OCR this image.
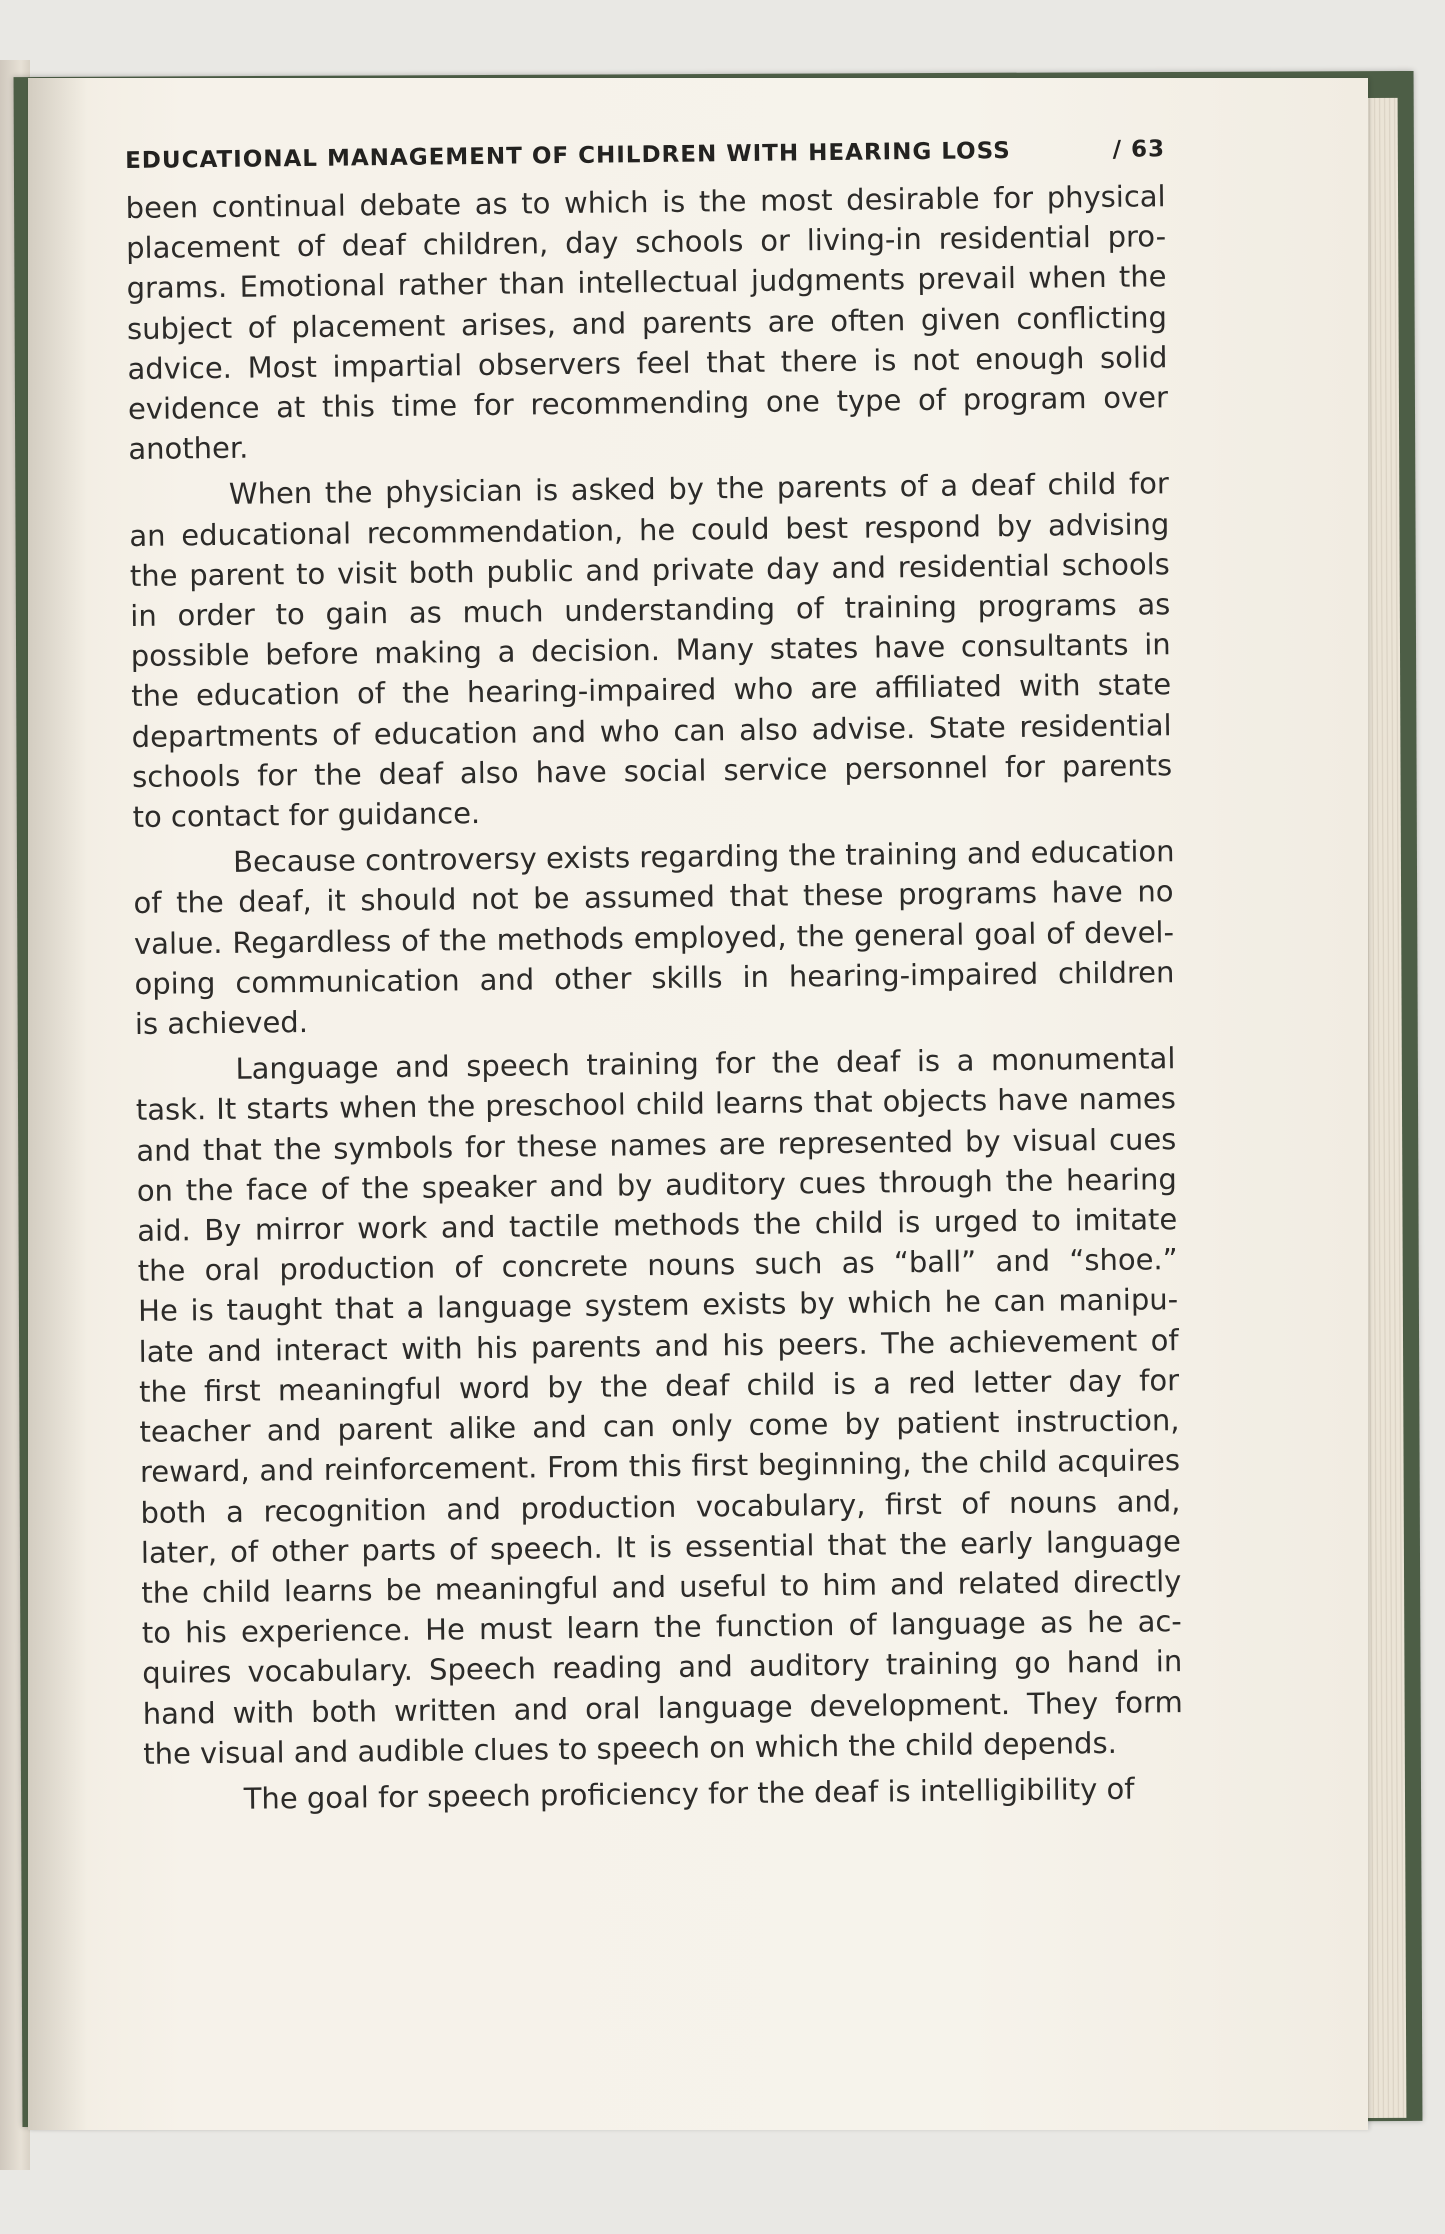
EDUCATIONAL MANAGEMENT OF CHILDREN WITH HEARING LOSS	/ 63
been continual debate as to which is the most desirable for physical
placement of deaf children, day schools or living-in residential pro-
grams. Emotional rather than intellectual judgments prevail when the
subject of placement arises, and parents are often given conflicting
advice. Most impartial observers feel that there is not enough solid
evidence at this time for recommending one type of program over
another.
When the physician is asked by the parents of a deaf child for
an educational recommendation, he could best respond by advising
the parent to visit both public and private day and residential schools
in order to gain as much understanding of training programs as
possible before making a decision. Many states have consultants in
the education of the hearing-impaired who are affiliated with state
departments of education and who can also advise. State residential
schools for the deaf also have social service personnel for parents
to contact for guidance.
Because controversy exists regarding the training and education
of the deaf, it should not be assumed that these programs have no
value. Regardless of the methods employed, the general goal of devel-
oping communication and other skills in hearing-impaired children
is achieved.
Language and speech training for the deaf is a monumental
task. It starts when the preschool child learns that objects have names
and that the symbols for these names are represented by visual cues
on the face of the speaker and by auditory cues through the hearing
aid. By mirror work and tactile methods the child is urged to imitate
the oral production of concrete nouns such as “ball” and “shoe.”
He is taught that a language system exists by which he can manipu-
late and interact with his parents and his peers. The achievement of
the first meaningful word by the deaf child is a red letter day for
teacher and parent alike and can only come by patient instruction,
reward, and reinforcement. From this first beginning, the child acquires
both a recognition and production vocabulary, first of nouns and,
later, of other parts of speech. It is essential that the early language
the child learns be meaningful and useful to him and related directly
to his experience. He must learn the function of language as he ac-
quires vocabulary. Speech reading and auditory training go hand in
hand with both written and oral language development. They form
the visual and audible clues to speech on which the child depends.
The goal for speech proficiency for the deaf is intelligibility of
